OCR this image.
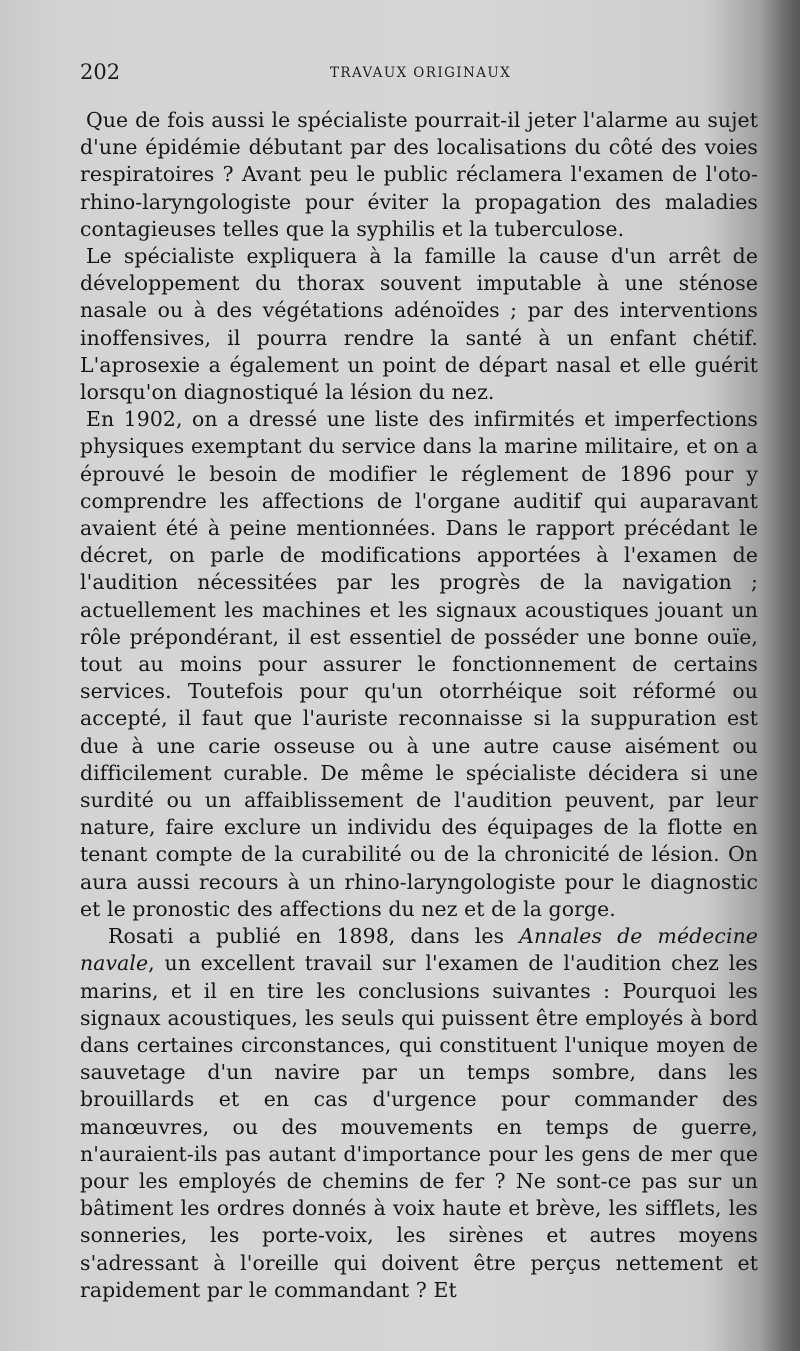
202	TRAVAUX ORIGINAUX

Que de fois aussi le spécialiste pourrait-il jeter l'alarme au sujet d'une épidémie débutant par des localisations du côté des voies respiratoires ? Avant peu le public réclamera l'examen de l'oto-rhino-laryngologiste pour éviter la propagation des maladies contagieuses telles que la syphilis et la tuberculose.

Le spécialiste expliquera à la famille la cause d'un arrêt de développement du thorax souvent imputable à une sténose nasale ou à des végétations adénoïdes ; par des interventions inoffensives, il pourra rendre la santé à un enfant chétif. L'aprosexie a également un point de départ nasal et elle guérit lorsqu'on diagnostiqué la lésion du nez.

En 1902, on a dressé une liste des infirmités et imperfections physiques exemptant du service dans la marine militaire, et on a éprouvé le besoin de modifier le réglement de 1896 pour y comprendre les affections de l'organe auditif qui auparavant avaient été à peine mentionnées. Dans le rapport précédant le décret, on parle de modifications apportées à l'examen de l'audition nécessitées par les progrès de la navigation ; actuellement les machines et les signaux acoustiques jouant un rôle prépondérant, il est essentiel de posséder une bonne ouïe, tout au moins pour assurer le fonctionnement de certains services. Toutefois pour qu'un otorrhéique soit réformé ou accepté, il faut que l'auriste reconnaisse si la suppuration est due à une carie osseuse ou à une autre cause aisément ou difficilement curable. De même le spécialiste décidera si une surdité ou un affaiblissement de l'audition peuvent, par leur nature, faire exclure un individu des équipages de la flotte en tenant compte de la curabilité ou de la chronicité de lésion. On aura aussi recours à un rhino-laryngologiste pour le diagnostic et le pronostic des affections du nez et de la gorge.

Rosati a publié en 1898, dans les Annales de médecine navale, un excellent travail sur l'examen de l'audition chez les marins, et il en tire les conclusions suivantes : Pourquoi les signaux acoustiques, les seuls qui puissent être employés à bord dans certaines circonstances, qui constituent l'unique moyen de sauvetage d'un navire par un temps sombre, dans les brouillards et en cas d'urgence pour commander des manœuvres, ou des mouvements en temps de guerre, n'auraient-ils pas autant d'importance pour les gens de mer que pour les employés de chemins de fer ? Ne sont-ce pas sur un bâtiment les ordres donnés à voix haute et brève, les sifflets, les sonneries, les porte-voix, les sirènes et autres moyens s'adressant à l'oreille qui doivent être perçus nettement et rapidement par le commandant ? Et
